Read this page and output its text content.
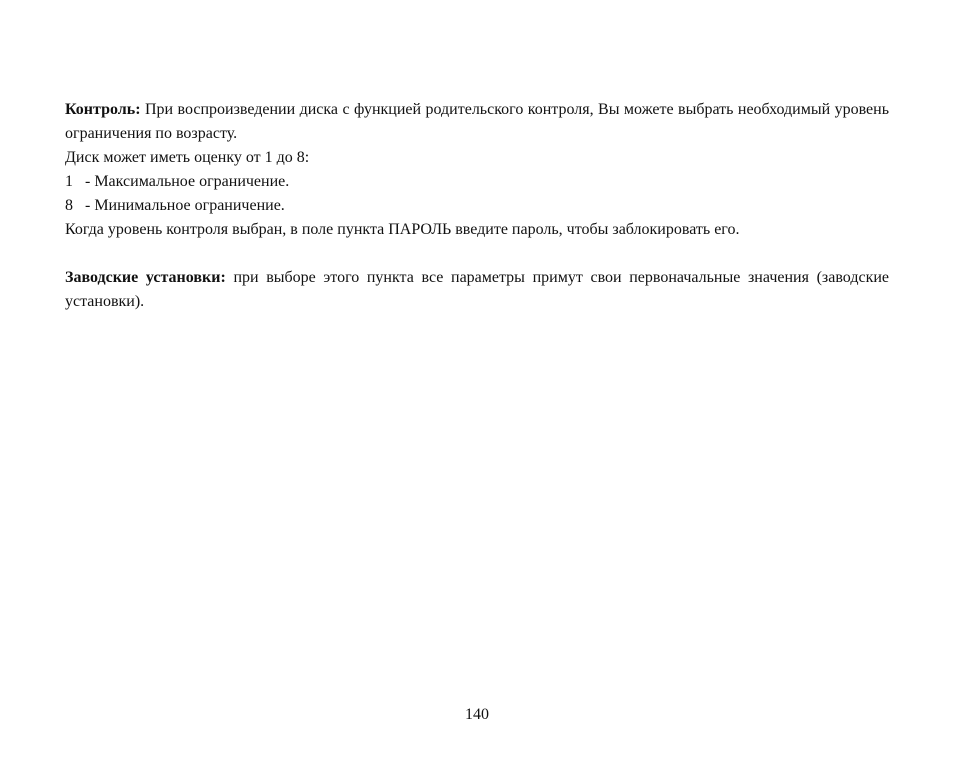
Контроль: При воспроизведении диска с функцией родительского контроля, Вы можете выбрать необходимый уровень ограничения по возрасту.

Диск может иметь оценку от 1 до 8:

1 - Максимальное ограничение.

8 - Минимальное ограничение.

Когда уровень контроля выбран, в поле пункта ПАРОЛЬ введите пароль, чтобы заблокировать его.

Заводские установки: при выборе этого пункта все параметры примут свои первоначальные значения (заводские установки).

140
